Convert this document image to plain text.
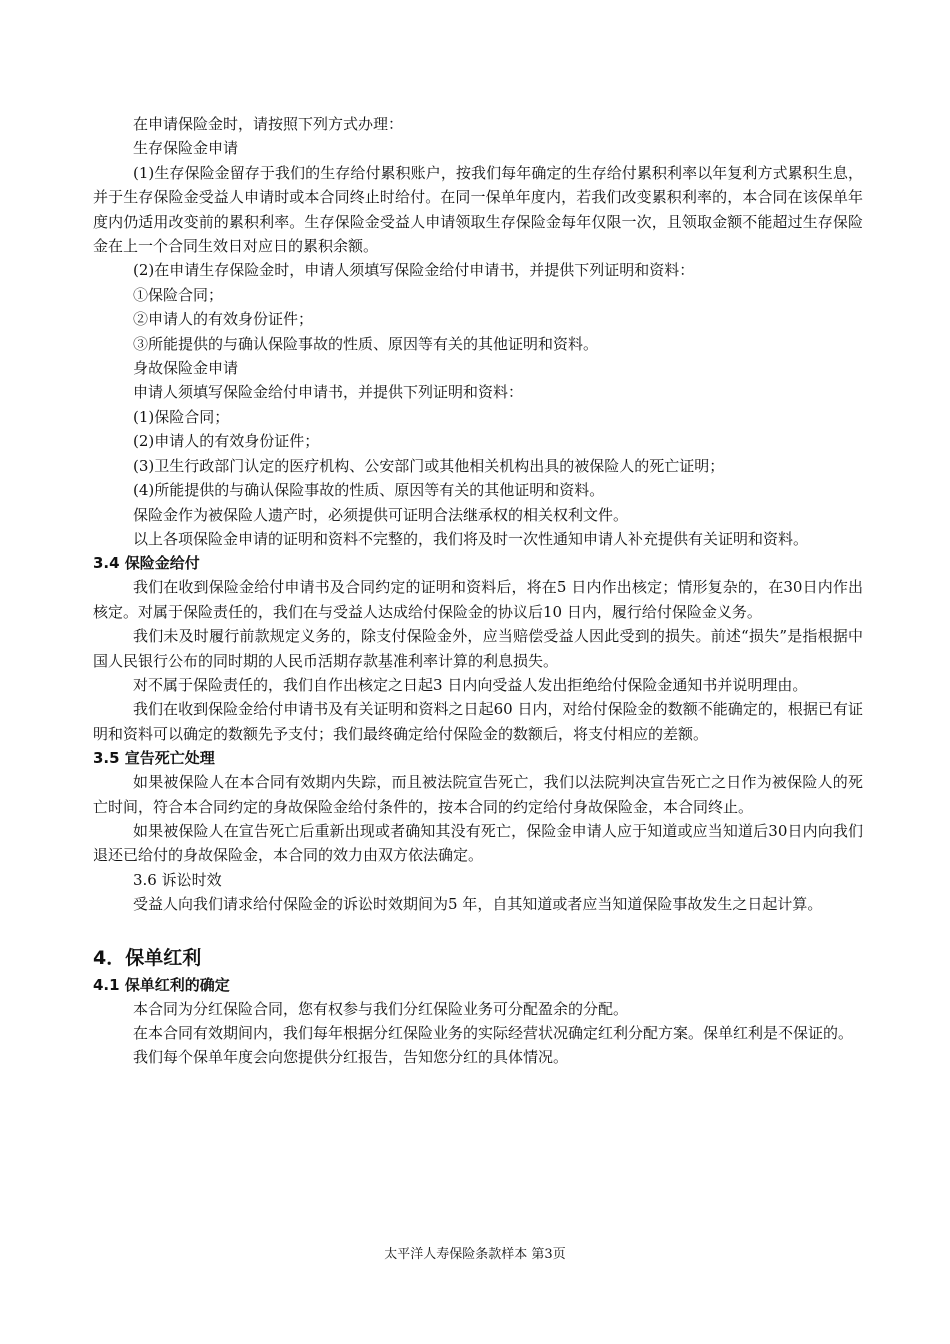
在申请保险金时，请按照下列方式办理：

生存保险金申请

(1)生存保险金留存于我们的生存给付累积账户，按我们每年确定的生存给付累积利率以年复利方式累积生息，并于生存保险金受益人申请时或本合同终止时给付。在同一保单年度内，若我们改变累积利率的，本合同在该保单年度内仍适用改变前的累积利率。生存保险金受益人申请领取生存保险金每年仅限一次，且领取金额不能超过生存保险金在上一个合同生效日对应日的累积余额。

(2)在申请生存保险金时，申请人须填写保险金给付申请书，并提供下列证明和资料：

①保险合同；

②申请人的有效身份证件；

③所能提供的与确认保险事故的性质、原因等有关的其他证明和资料。

身故保险金申请

申请人须填写保险金给付申请书，并提供下列证明和资料：

(1)保险合同；

(2)申请人的有效身份证件；

(3)卫生行政部门认定的医疗机构、公安部门或其他相关机构出具的被保险人的死亡证明；

(4)所能提供的与确认保险事故的性质、原因等有关的其他证明和资料。

保险金作为被保险人遗产时，必须提供可证明合法继承权的相关权利文件。

以上各项保险金申请的证明和资料不完整的，我们将及时一次性通知申请人补充提供有关证明和资料。

3.4 保险金给付

我们在收到保险金给付申请书及合同约定的证明和资料后，将在5 日内作出核定；情形复杂的，在30日内作出核定。对属于保险责任的，我们在与受益人达成给付保险金的协议后10 日内，履行给付保险金义务。

我们未及时履行前款规定义务的，除支付保险金外，应当赔偿受益人因此受到的损失。前述“损失”是指根据中国人民银行公布的同时期的人民币活期存款基准利率计算的利息损失。

对不属于保险责任的，我们自作出核定之日起3 日内向受益人发出拒绝给付保险金通知书并说明理由。

我们在收到保险金给付申请书及有关证明和资料之日起60 日内，对给付保险金的数额不能确定的，根据已有证明和资料可以确定的数额先予支付；我们最终确定给付保险金的数额后，将支付相应的差额。

3.5 宣告死亡处理

如果被保险人在本合同有效期内失踪，而且被法院宣告死亡，我们以法院判决宣告死亡之日作为被保险人的死亡时间，符合本合同约定的身故保险金给付条件的，按本合同的约定给付身故保险金，本合同终止。

如果被保险人在宣告死亡后重新出现或者确知其没有死亡，保险金申请人应于知道或应当知道后30日内向我们退还已给付的身故保险金，本合同的效力由双方依法确定。

3.6 诉讼时效

受益人向我们请求给付保险金的诉讼时效期间为5 年，自其知道或者应当知道保险事故发生之日起计算。

4．保单红利

4.1 保单红利的确定

本合同为分红保险合同，您有权参与我们分红保险业务可分配盈余的分配。

在本合同有效期间内，我们每年根据分红保险业务的实际经营状况确定红利分配方案。保单红利是不保证的。

我们每个保单年度会向您提供分红报告，告知您分红的具体情况。

太平洋人寿保险条款样本 第3页
